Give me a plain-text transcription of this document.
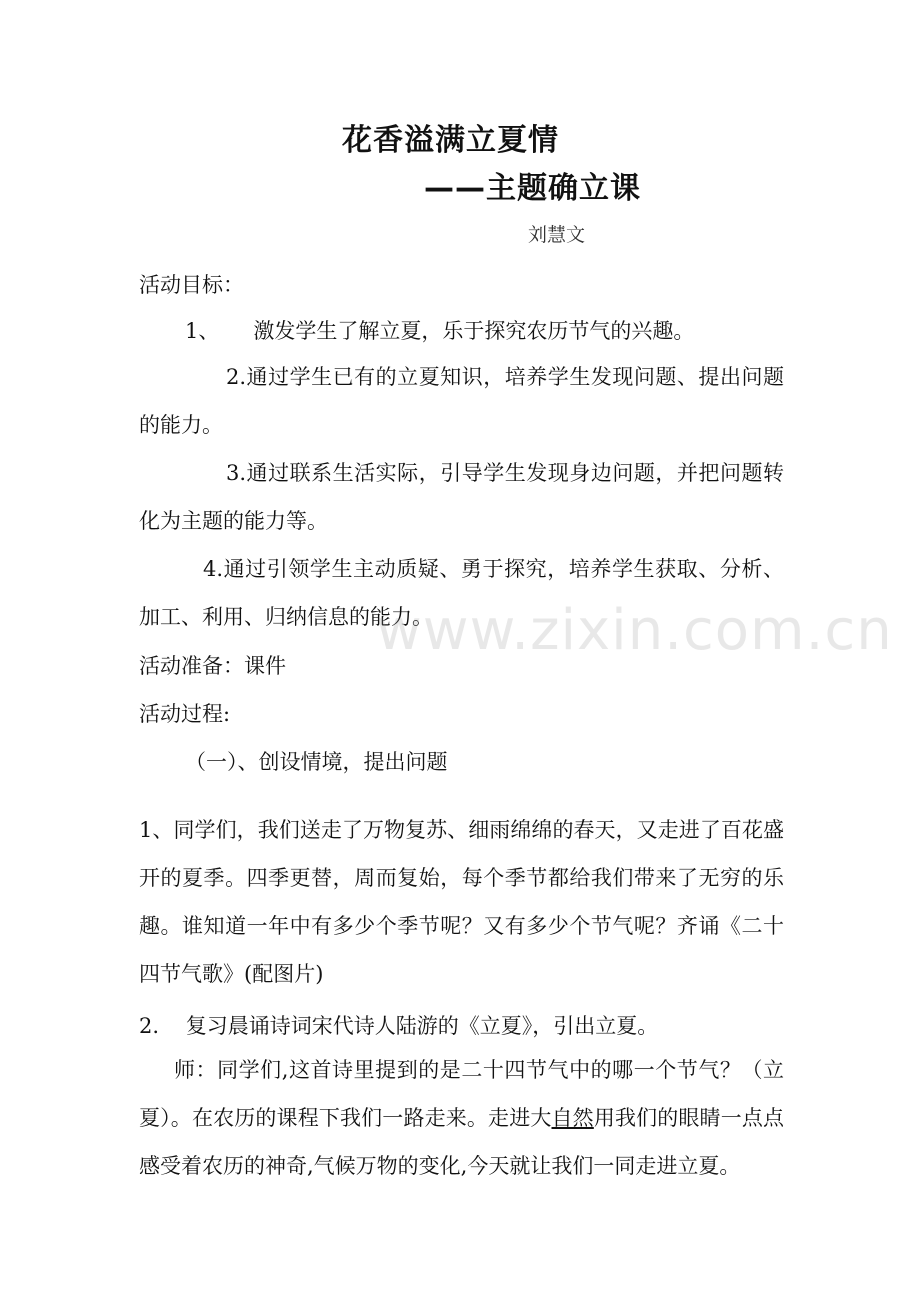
花香溢满立夏情
——主题确立课
刘慧文
活动目标：
1、 激发学生了解立夏，乐于探究农历节气的兴趣。
2.通过学生已有的立夏知识，培养学生发现问题、提出问题的能力。
3.通过联系生活实际，引导学生发现身边问题，并把问题转化为主题的能力等。
4.通过引领学生主动质疑、勇于探究，培养学生获取、分析、加工、利用、归纳信息的能力。
活动准备：课件
活动过程:
（一）、创设情境，提出问题
1、同学们，我们送走了万物复苏、细雨绵绵的春天，又走进了百花盛开的夏季。四季更替，周而复始，每个季节都给我们带来了无穷的乐趣。谁知道一年中有多少个季节呢？又有多少个节气呢？齐诵《二十四节气歌》(配图片)
2.    复习晨诵诗词宋代诗人陆游的《立夏》，引出立夏。
师：同学们,这首诗里提到的是二十四节气中的哪一个节气？（立夏）。在农历的课程下我们一路走来。走进大自然用我们的眼睛一点点感受着农历的神奇,气候万物的变化,今天就让我们一同走进立夏。
www.zixin.com.cn
